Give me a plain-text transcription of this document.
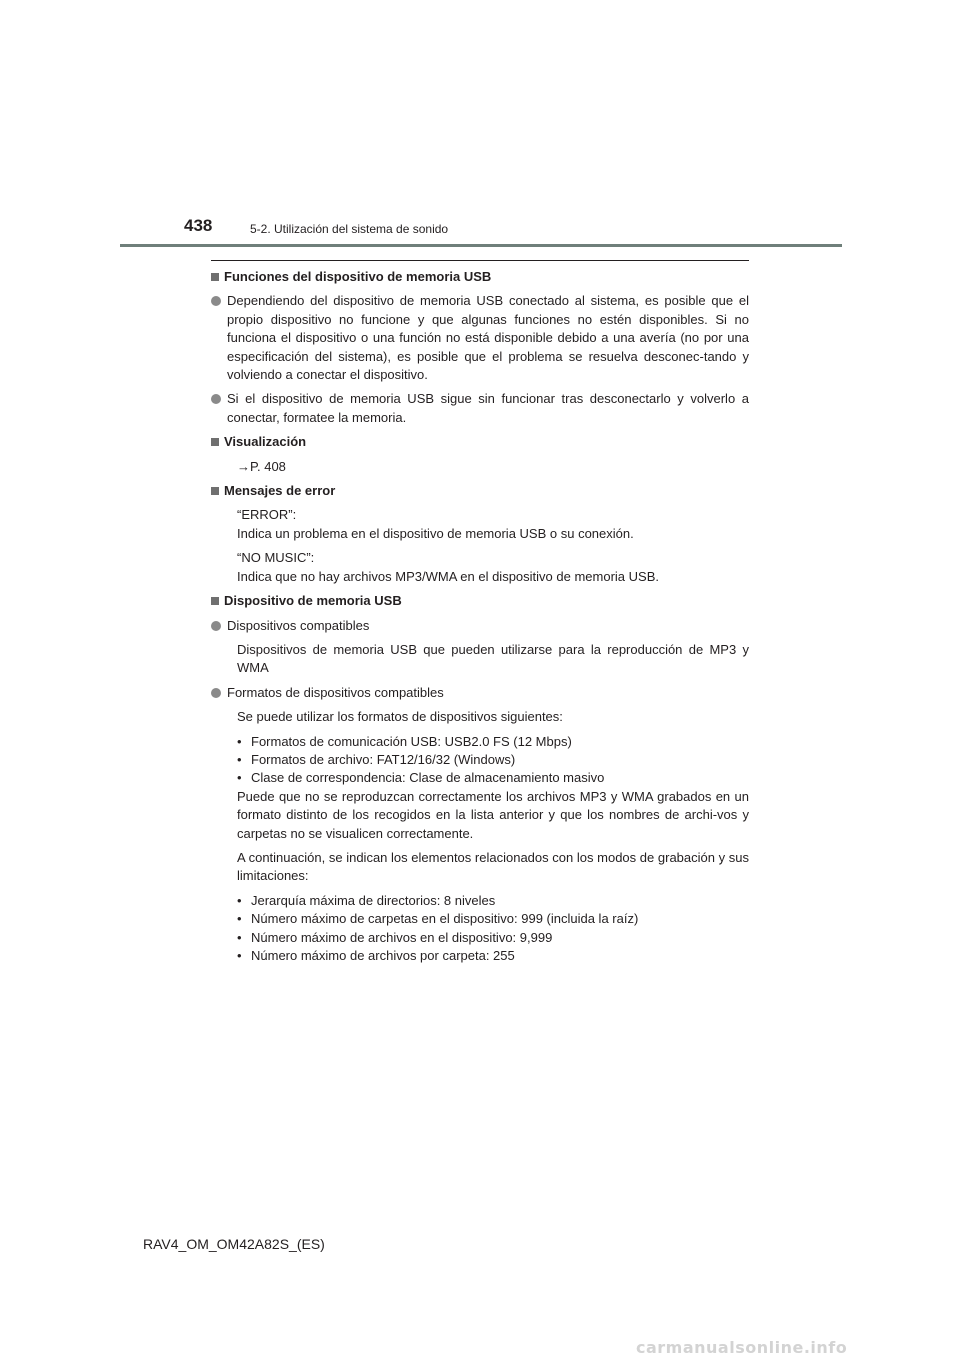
438	5-2. Utilización del sistema de sonido
Funciones del dispositivo de memoria USB
Dependiendo del dispositivo de memoria USB conectado al sistema, es posible que el propio dispositivo no funcione y que algunas funciones no estén disponibles. Si no funciona el dispositivo o una función no está disponible debido a una avería (no por una especificación del sistema), es posible que el problema se resuelva desconec-tando y volviendo a conectar el dispositivo.
Si el dispositivo de memoria USB sigue sin funcionar tras desconectarlo y volverlo a conectar, formatee la memoria.
Visualización
→P. 408
Mensajes de error
“ERROR”:
Indica un problema en el dispositivo de memoria USB o su conexión.
“NO MUSIC”:
Indica que no hay archivos MP3/WMA en el dispositivo de memoria USB.
Dispositivo de memoria USB
Dispositivos compatibles
Dispositivos de memoria USB que pueden utilizarse para la reproducción de MP3 y WMA
Formatos de dispositivos compatibles
Se puede utilizar los formatos de dispositivos siguientes:
• Formatos de comunicación USB: USB2.0 FS (12 Mbps)
• Formatos de archivo: FAT12/16/32 (Windows)
• Clase de correspondencia: Clase de almacenamiento masivo
Puede que no se reproduzcan correctamente los archivos MP3 y WMA grabados en un formato distinto de los recogidos en la lista anterior y que los nombres de archi-vos y carpetas no se visualicen correctamente.
A continuación, se indican los elementos relacionados con los modos de grabación y sus limitaciones:
• Jerarquía máxima de directorios: 8 niveles
• Número máximo de carpetas en el dispositivo: 999 (incluida la raíz)
• Número máximo de archivos en el dispositivo: 9,999
• Número máximo de archivos por carpeta: 255
RAV4_OM_OM42A82S_(ES)
carmanualsonline.info
